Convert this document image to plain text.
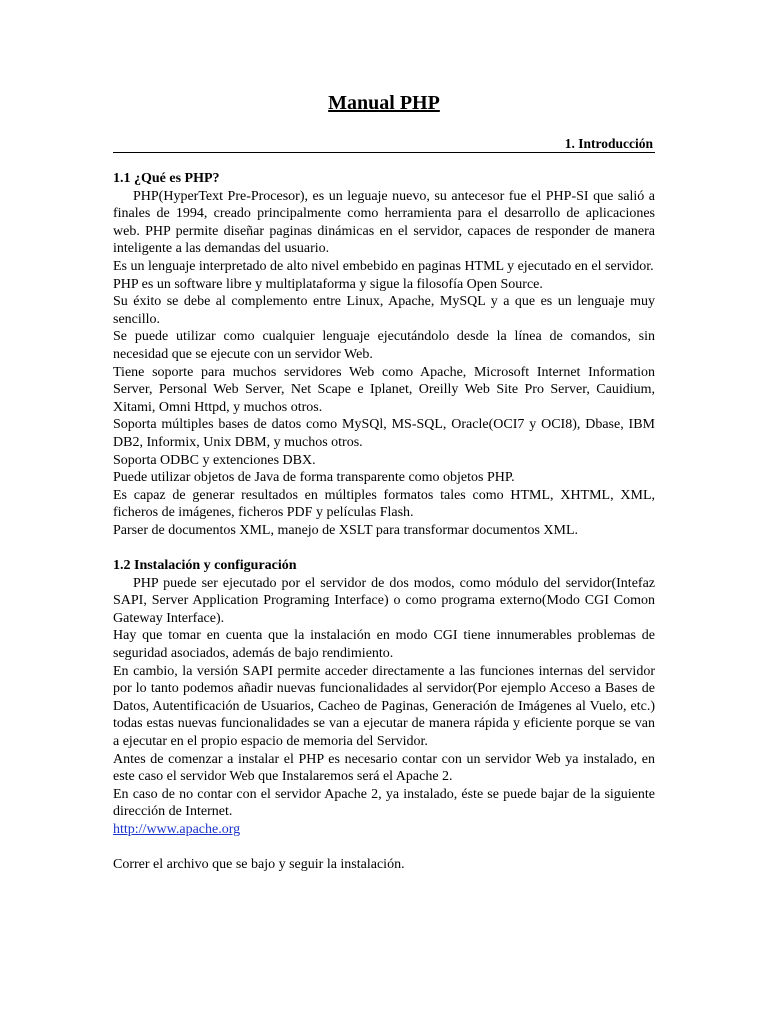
Manual PHP
1. Introducción
1.1 ¿Qué es PHP?

PHP(HyperText Pre-Procesor), es un leguaje nuevo, su antecesor fue el PHP-SI que salió a finales de 1994, creado principalmente como herramienta para el desarrollo de aplicaciones web. PHP permite diseñar paginas dinámicas en el servidor, capaces de responder de manera inteligente a las demandas del usuario.

Es un lenguaje interpretado de alto nivel embebido en paginas HTML y ejecutado en el servidor.

PHP es un software libre y multiplataforma y sigue la filosofía Open Source.

Su éxito se debe al complemento entre Linux, Apache, MySQL y a que es un lenguaje muy sencillo.

Se puede utilizar como cualquier lenguaje ejecutándolo desde la línea de comandos, sin necesidad que se ejecute con un servidor Web.

Tiene soporte para muchos servidores Web como Apache, Microsoft Internet Information Server, Personal Web Server, Net Scape e Iplanet, Oreilly Web Site Pro Server, Cauidium, Xitami, Omni Httpd, y muchos otros.

Soporta múltiples bases de datos como MySQl, MS-SQL, Oracle(OCI7 y OCI8), Dbase, IBM DB2, Informix, Unix DBM, y muchos otros.

Soporta ODBC y extenciones DBX.

Puede utilizar objetos de Java de forma transparente como objetos PHP.

Es capaz de generar resultados en múltiples formatos tales como HTML, XHTML, XML, ficheros de imágenes, ficheros PDF y películas Flash.

Parser de documentos XML, manejo de XSLT para transformar documentos XML.

1.2 Instalación y configuración

PHP puede ser ejecutado por el servidor de dos modos, como módulo del servidor(Intefaz SAPI, Server Application Programing Interface) o como programa externo(Modo CGI Comon Gateway Interface).

Hay que tomar en cuenta que la instalación en modo CGI tiene innumerables problemas de seguridad asociados, además de bajo rendimiento.

En cambio, la versión SAPI permite acceder directamente a las funciones internas del servidor por lo tanto podemos añadir nuevas funcionalidades al servidor(Por ejemplo Acceso a Bases de Datos, Autentificación de Usuarios, Cacheo de Paginas, Generación de Imágenes al Vuelo, etc.) todas estas nuevas funcionalidades se van a ejecutar de manera rápida y eficiente porque se van a ejecutar en el propio espacio de memoria del Servidor.

Antes de comenzar a instalar el PHP es necesario contar con un servidor Web ya instalado, en este caso el servidor Web que Instalaremos será el Apache 2.

En caso de no contar con el servidor Apache 2, ya instalado, éste se puede bajar de la siguiente dirección de Internet.

http://www.apache.org

Correr el archivo que se bajo y seguir la instalación.
